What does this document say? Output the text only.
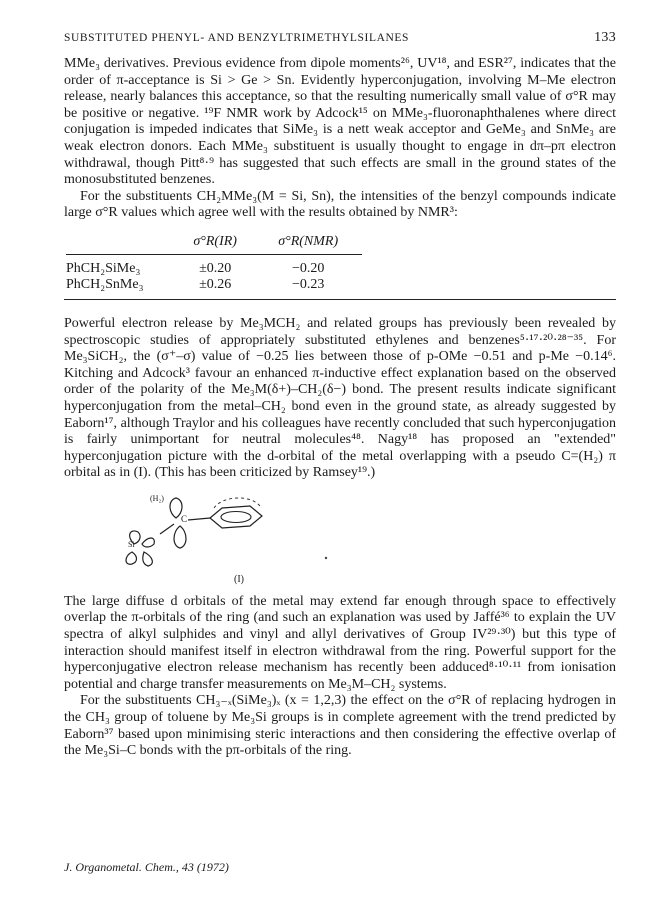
SUBSTITUTED PHENYL- AND BENZYLTRIMETHYLSILANES	133

MMe₃ derivatives. Previous evidence from dipole moments²⁶, UV¹⁸, and ESR²⁷, indicates that the order of π-acceptance is Si > Ge > Sn. Evidently hyperconjugation, involving M–Me electron release, nearly balances this acceptance, so that the resulting numerically small value of σ°R may be positive or negative. ¹⁹F NMR work by Adcock¹⁵ on MMe₃-fluoronaphthalenes where direct conjugation is impeded indicates that SiMe₃ is a nett weak acceptor and GeMe₃ and SnMe₃ are weak electron donors. Each MMe₃ substituent is usually thought to engage in dπ–pπ electron withdrawal, though Pitt⁸·⁹ has suggested that such effects are small in the ground states of the monosubstituted benzenes.

For the substituents CH₂MMe₃(M = Si, Sn), the intensities of the benzyl compounds indicate large σ°R values which agree well with the results obtained by NMR³:

	σ°R(IR)	σ°R(NMR)

PhCH₂SiMe₃	±0.20	−0.20
PhCH₂SnMe₃	±0.26	−0.23

Powerful electron release by Me₃MCH₂ and related groups has previously been revealed by spectroscopic studies of appropriately substituted ethylenes and benzenes⁵·¹⁷·²⁰·²⁸⁻³⁵. For Me₃SiCH₂, the (σ⁺–σ) value of −0.25 lies between those of p-OMe −0.51 and p-Me −0.14⁶. Kitching and Adcock³ favour an enhanced π-inductive effect explanation based on the observed order of the polarity of the Me₃M(δ+)–CH₂(δ−) bond. The present results indicate significant hyperconjugation from the metal–CH₂ bond even in the ground state, as already suggested by Eaborn¹⁷, although Traylor and his colleagues have recently concluded that such hyperconjugation is fairly unimportant for neutral molecules⁴⁸. Nagy¹⁸ has proposed an "extended" hyperconjugation picture with the d-orbital of the metal overlapping with a pseudo C=(H₂) π orbital as in (I). (This has been criticized by Ramsey¹⁹.)

(H₂)
C
Si
(I)

The large diffuse d orbitals of the metal may extend far enough through space to effectively overlap the π-orbitals of the ring (and such an explanation was used by Jaffé³⁶ to explain the UV spectra of alkyl sulphides and vinyl and allyl derivatives of Group IV²⁹·³⁰) but this type of interaction should manifest itself in electron withdrawal from the ring. Powerful support for the hyperconjugative electron release mechanism has recently been adduced⁸·¹⁰·¹¹ from ionisation potential and charge transfer measurements on Me₃M–CH₂ systems.

For the substituents CH₃₋ₓ(SiMe₃)ₓ (x = 1,2,3) the effect on the σ°R of replacing hydrogen in the CH₃ group of toluene by Me₃Si groups is in complete agreement with the trend predicted by Eaborn³⁷ based upon minimising steric interactions and then considering the effective overlap of the Me₃Si–C bonds with the pπ-orbitals of the ring.

J. Organometal. Chem., 43 (1972)
